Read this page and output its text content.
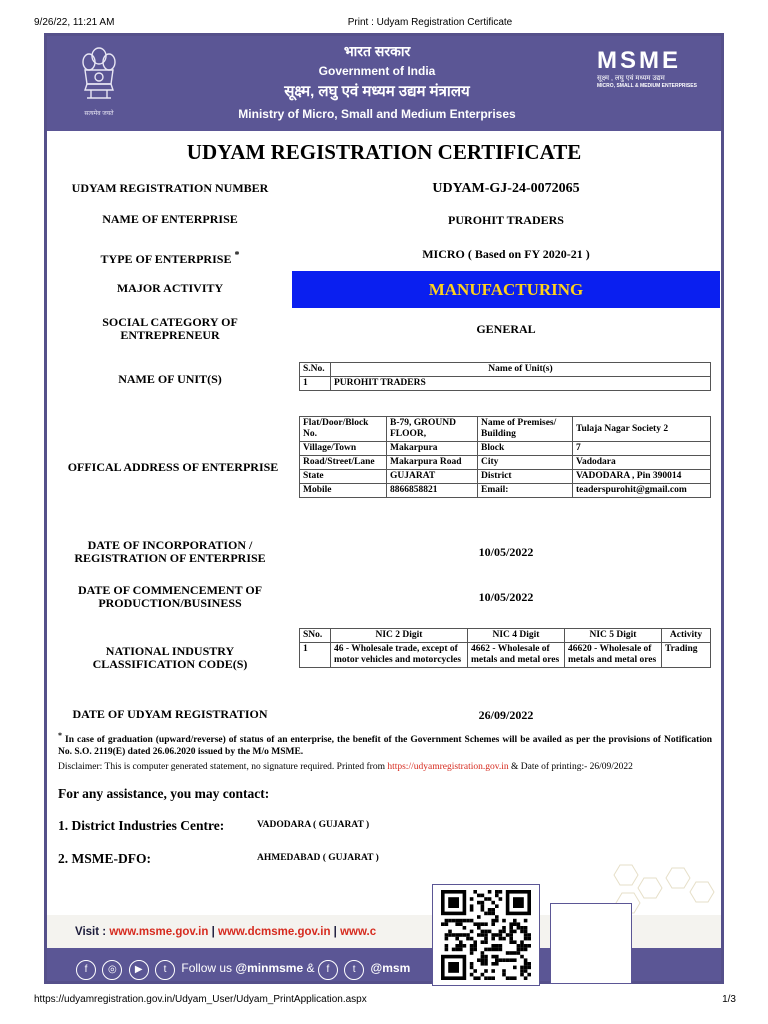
9/26/22, 11:21 AM	Print : Udyam Registration Certificate
सत्यमेव जयते
भारत सरकार
Government of India
सूक्ष्म, लघु एवं मध्यम उद्यम मंत्रालय
Ministry of Micro, Small and Medium Enterprises
MSME
सूक्ष्म , लघु एवं मध्यम उद्यम
MICRO, SMALL & MEDIUM ENTERPRISES
UDYAM REGISTRATION CERTIFICATE
UDYAM REGISTRATION NUMBER	UDYAM-GJ-24-0072065
NAME OF ENTERPRISE	PUROHIT TRADERS
TYPE OF ENTERPRISE *	MICRO ( Based on FY 2020-21 )
MAJOR ACTIVITY	MANUFACTURING
SOCIAL CATEGORY OF ENTREPRENEUR	GENERAL
NAME OF UNIT(S)
S.No.	Name of Unit(s)
1	PUROHIT TRADERS
OFFICAL ADDRESS OF ENTERPRISE
Flat/Door/Block No.	B-79, GROUND FLOOR,	Name of Premises/ Building	Tulaja Nagar Society 2
Village/Town	Makarpura	Block	7
Road/Street/Lane	Makarpura Road	City	Vadodara
State	GUJARAT	District	VADODARA , Pin 390014
Mobile	8866858821	Email:	teaderspurohit@gmail.com
DATE OF INCORPORATION / REGISTRATION OF ENTERPRISE	10/05/2022
DATE OF COMMENCEMENT OF PRODUCTION/BUSINESS	10/05/2022
NATIONAL INDUSTRY CLASSIFICATION CODE(S)
SNo.	NIC 2 Digit	NIC 4 Digit	NIC 5 Digit	Activity
1	46 - Wholesale trade, except of motor vehicles and motorcycles	4662 - Wholesale of metals and metal ores	46620 - Wholesale of metals and metal ores	Trading
DATE OF UDYAM REGISTRATION	26/09/2022
* In case of graduation (upward/reverse) of status of an enterprise, the benefit of the Government Schemes will be availed as per the provisions of Notification No. S.O. 2119(E) dated 26.06.2020 issued by the M/o MSME.
Disclaimer: This is computer generated statement, no signature required. Printed from https://udyamregistration.gov.in & Date of printing:- 26/09/2022
For any assistance, you may contact:
1. District Industries Centre:	VADODARA ( GUJARAT )
2. MSME-DFO:	AHMEDABAD ( GUJARAT )
Visit : www.msme.gov.in | www.dcmsme.gov.in | www.c
f ◎ ▶ t Follow us @minmsme & f t @msm
https://udyamregistration.gov.in/Udyam_User/Udyam_PrintApplication.aspx	1/3
